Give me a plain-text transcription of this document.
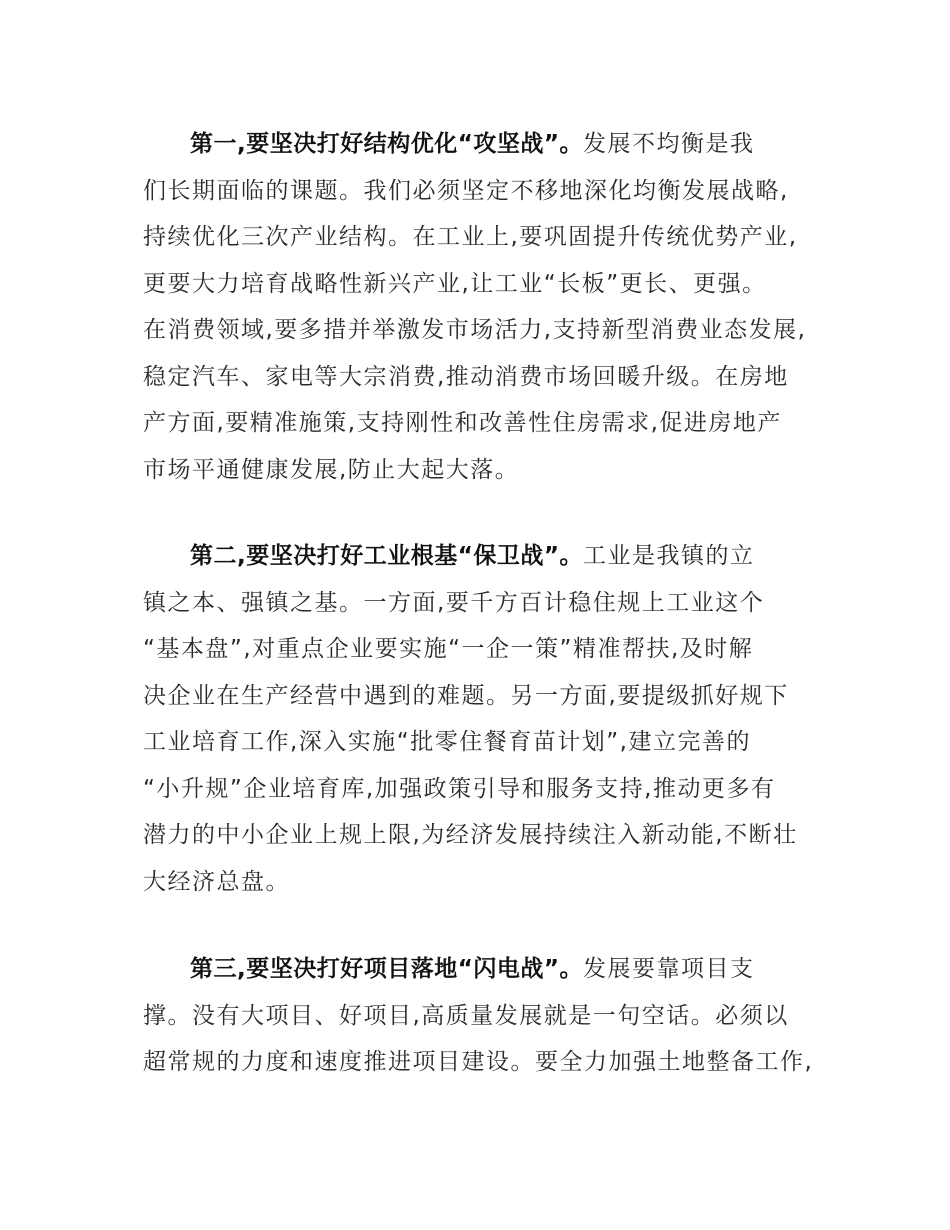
第一,要坚决打好结构优化“攻坚战”。发展不均衡是我
们长期面临的课题。我们必须坚定不移地深化均衡发展战略,
持续优化三次产业结构。在工业上,要巩固提升传统优势产业,
更要大力培育战略性新兴产业,让工业“长板”更长、更强。
在消费领域,要多措并举激发市场活力,支持新型消费业态发展,
稳定汽车、家电等大宗消费,推动消费市场回暖升级。在房地
产方面,要精准施策,支持刚性和改善性住房需求,促进房地产
市场平通健康发展,防止大起大落。
第二,要坚决打好工业根基“保卫战”。工业是我镇的立
镇之本、强镇之基。一方面,要千方百计稳住规上工业这个
“基本盘”,对重点企业要实施“一企一策”精准帮扶,及时解
决企业在生产经营中遇到的难题。另一方面,要提级抓好规下
工业培育工作,深入实施“批零住餐育苗计划”,建立完善的
“小升规”企业培育库,加强政策引导和服务支持,推动更多有
潜力的中小企业上规上限,为经济发展持续注入新动能,不断壮
大经济总盘。
第三,要坚决打好项目落地“闪电战”。发展要靠项目支
撑。没有大项目、好项目,高质量发展就是一句空话。必须以
超常规的力度和速度推进项目建设。要全力加强土地整备工作,
